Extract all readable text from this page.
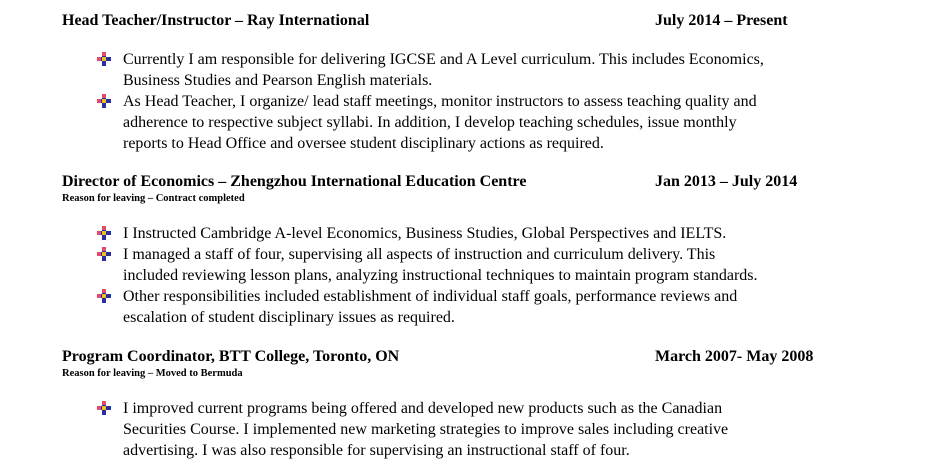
Head Teacher/Instructor – Ray International	July 2014 – Present
Currently I am responsible for delivering IGCSE and A Level curriculum. This includes Economics,
Business Studies and Pearson English materials.
As Head Teacher, I organize/ lead staff meetings, monitor instructors to assess teaching quality and
adherence to respective subject syllabi. In addition, I develop teaching schedules, issue monthly
reports to Head Office and oversee student disciplinary actions as required.
Director of Economics – Zhengzhou International Education Centre	Jan 2013 – July 2014
Reason for leaving – Contract completed
I Instructed Cambridge A-level Economics, Business Studies, Global Perspectives and IELTS.
I managed a staff of four, supervising all aspects of instruction and curriculum delivery. This
included reviewing lesson plans, analyzing instructional techniques to maintain program standards.
Other responsibilities included establishment of individual staff goals, performance reviews and
escalation of student disciplinary issues as required.
Program Coordinator, BTT College, Toronto, ON	March 2007- May 2008
Reason for leaving – Moved to Bermuda
I improved current programs being offered and developed new products such as the Canadian
Securities Course. I implemented new marketing strategies to improve sales including creative
advertising. I was also responsible for supervising an instructional staff of four.
